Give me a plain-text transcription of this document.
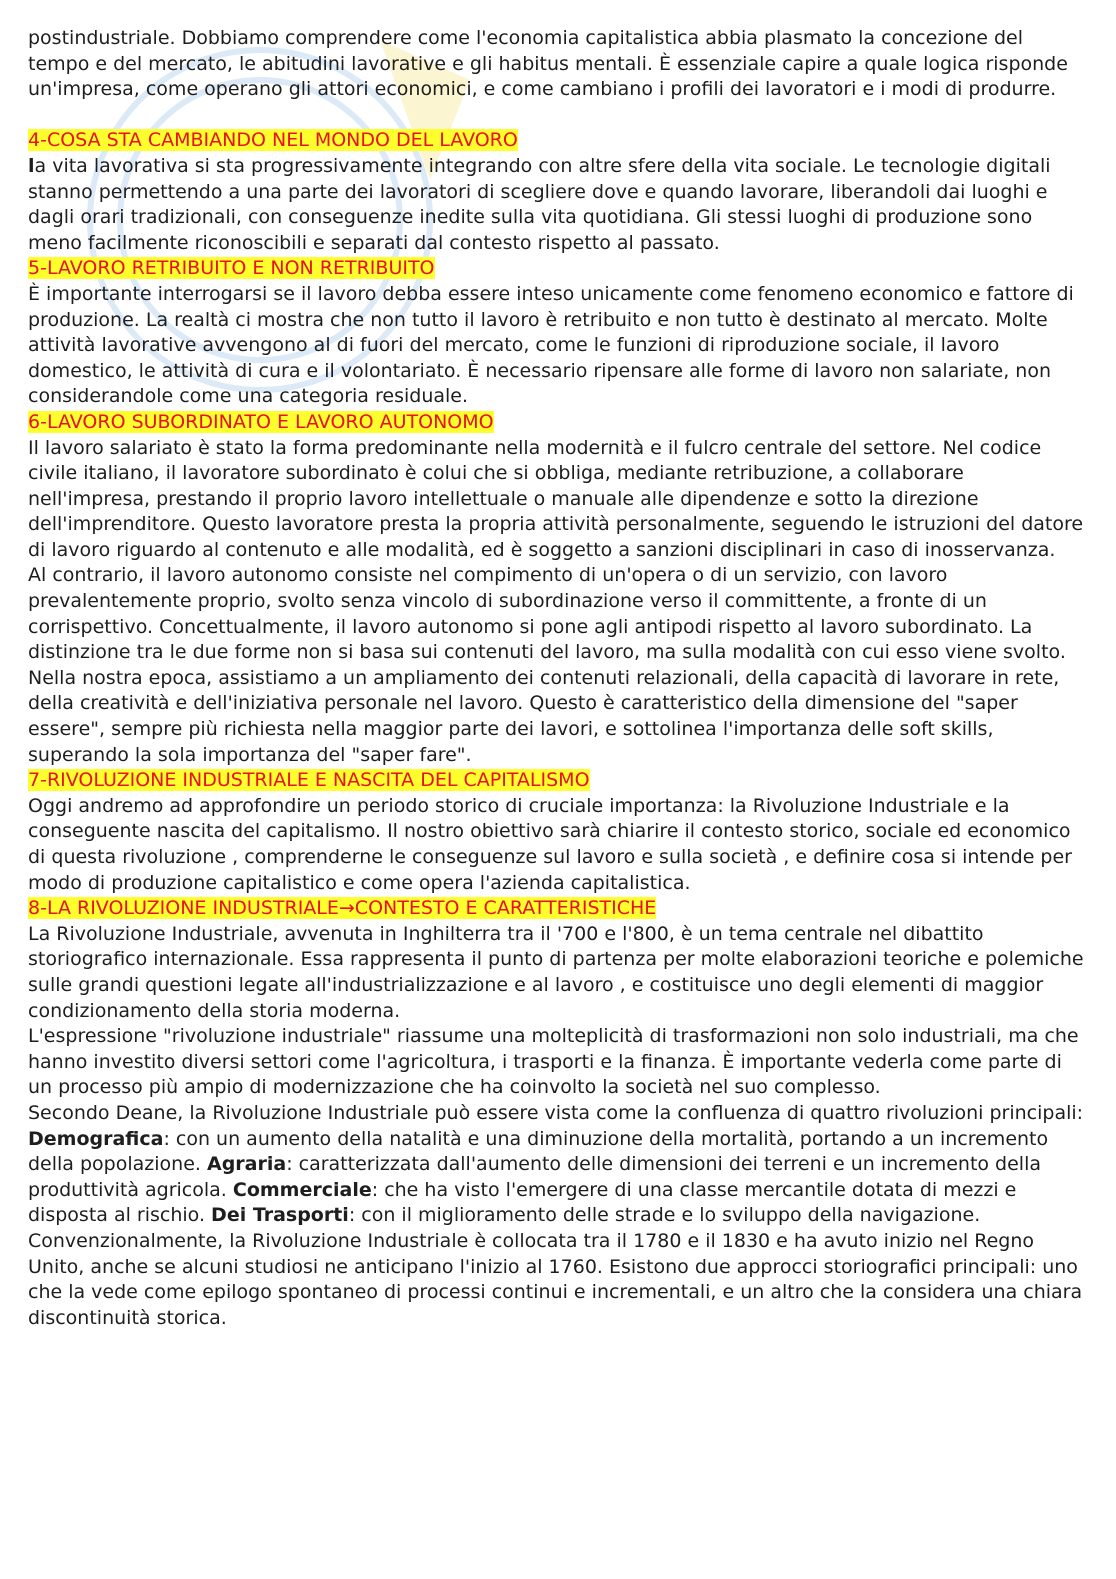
postindustriale. Dobbiamo comprendere come l'economia capitalistica abbia plasmato la concezione del tempo e del mercato, le abitudini lavorative e gli habitus mentali. È essenziale capire a quale logica risponde un'impresa, come operano gli attori economici, e come cambiano i profili dei lavoratori e i modi di produrre.

4-COSA STA CAMBIANDO NEL MONDO DEL LAVORO

la vita lavorativa si sta progressivamente integrando con altre sfere della vita sociale. Le tecnologie digitali stanno permettendo a una parte dei lavoratori di scegliere dove e quando lavorare, liberandoli dai luoghi e dagli orari tradizionali, con conseguenze inedite sulla vita quotidiana. Gli stessi luoghi di produzione sono meno facilmente riconoscibili e separati dal contesto rispetto al passato.

5-LAVORO RETRIBUITO E NON RETRIBUITO

È importante interrogarsi se il lavoro debba essere inteso unicamente come fenomeno economico e fattore di produzione. La realtà ci mostra che non tutto il lavoro è retribuito e non tutto è destinato al mercato. Molte attività lavorative avvengono al di fuori del mercato, come le funzioni di riproduzione sociale, il lavoro domestico, le attività di cura e il volontariato. È necessario ripensare alle forme di lavoro non salariate, non considerandole come una categoria residuale.

6-LAVORO SUBORDINATO E LAVORO AUTONOMO

Il lavoro salariato è stato la forma predominante nella modernità e il fulcro centrale del settore. Nel codice civile italiano, il lavoratore subordinato è colui che si obbliga, mediante retribuzione, a collaborare nell'impresa, prestando il proprio lavoro intellettuale o manuale alle dipendenze e sotto la direzione dell'imprenditore. Questo lavoratore presta la propria attività personalmente, seguendo le istruzioni del datore di lavoro riguardo al contenuto e alle modalità, ed è soggetto a sanzioni disciplinari in caso di inosservanza.

Al contrario, il lavoro autonomo consiste nel compimento di un'opera o di un servizio, con lavoro prevalentemente proprio, svolto senza vincolo di subordinazione verso il committente, a fronte di un corrispettivo. Concettualmente, il lavoro autonomo si pone agli antipodi rispetto al lavoro subordinato. La distinzione tra le due forme non si basa sui contenuti del lavoro, ma sulla modalità con cui esso viene svolto.

Nella nostra epoca, assistiamo a un ampliamento dei contenuti relazionali, della capacità di lavorare in rete, della creatività e dell'iniziativa personale nel lavoro. Questo è caratteristico della dimensione del "saper essere", sempre più richiesta nella maggior parte dei lavori, e sottolinea l'importanza delle soft skills, superando la sola importanza del "saper fare".

7-RIVOLUZIONE INDUSTRIALE E NASCITA DEL CAPITALISMO

Oggi andremo ad approfondire un periodo storico di cruciale importanza: la Rivoluzione Industriale e la conseguente nascita del capitalismo. Il nostro obiettivo sarà chiarire il contesto storico, sociale ed economico di questa rivoluzione , comprenderne le conseguenze sul lavoro e sulla società , e definire cosa si intende per modo di produzione capitalistico e come opera l'azienda capitalistica.

8-LA RIVOLUZIONE INDUSTRIALE→CONTESTO E CARATTERISTICHE

La Rivoluzione Industriale, avvenuta in Inghilterra tra il '700 e l'800, è un tema centrale nel dibattito storiografico internazionale. Essa rappresenta il punto di partenza per molte elaborazioni teoriche e polemiche sulle grandi questioni legate all'industrializzazione e al lavoro , e costituisce uno degli elementi di maggior condizionamento della storia moderna.

L'espressione "rivoluzione industriale" riassume una molteplicità di trasformazioni non solo industriali, ma che hanno investito diversi settori come l'agricoltura, i trasporti e la finanza. È importante vederla come parte di un processo più ampio di modernizzazione che ha coinvolto la società nel suo complesso.

Secondo Deane, la Rivoluzione Industriale può essere vista come la confluenza di quattro rivoluzioni principali:

Demografica: con un aumento della natalità e una diminuzione della mortalità, portando a un incremento della popolazione. Agraria: caratterizzata dall'aumento delle dimensioni dei terreni e un incremento della produttività agricola. Commerciale: che ha visto l'emergere di una classe mercantile dotata di mezzi e disposta al rischio. Dei Trasporti: con il miglioramento delle strade e lo sviluppo della navigazione.

Convenzionalmente, la Rivoluzione Industriale è collocata tra il 1780 e il 1830 e ha avuto inizio nel Regno Unito, anche se alcuni studiosi ne anticipano l'inizio al 1760. Esistono due approcci storiografici principali: uno che la vede come epilogo spontaneo di processi continui e incrementali, e un altro che la considera una chiara discontinuità storica.
